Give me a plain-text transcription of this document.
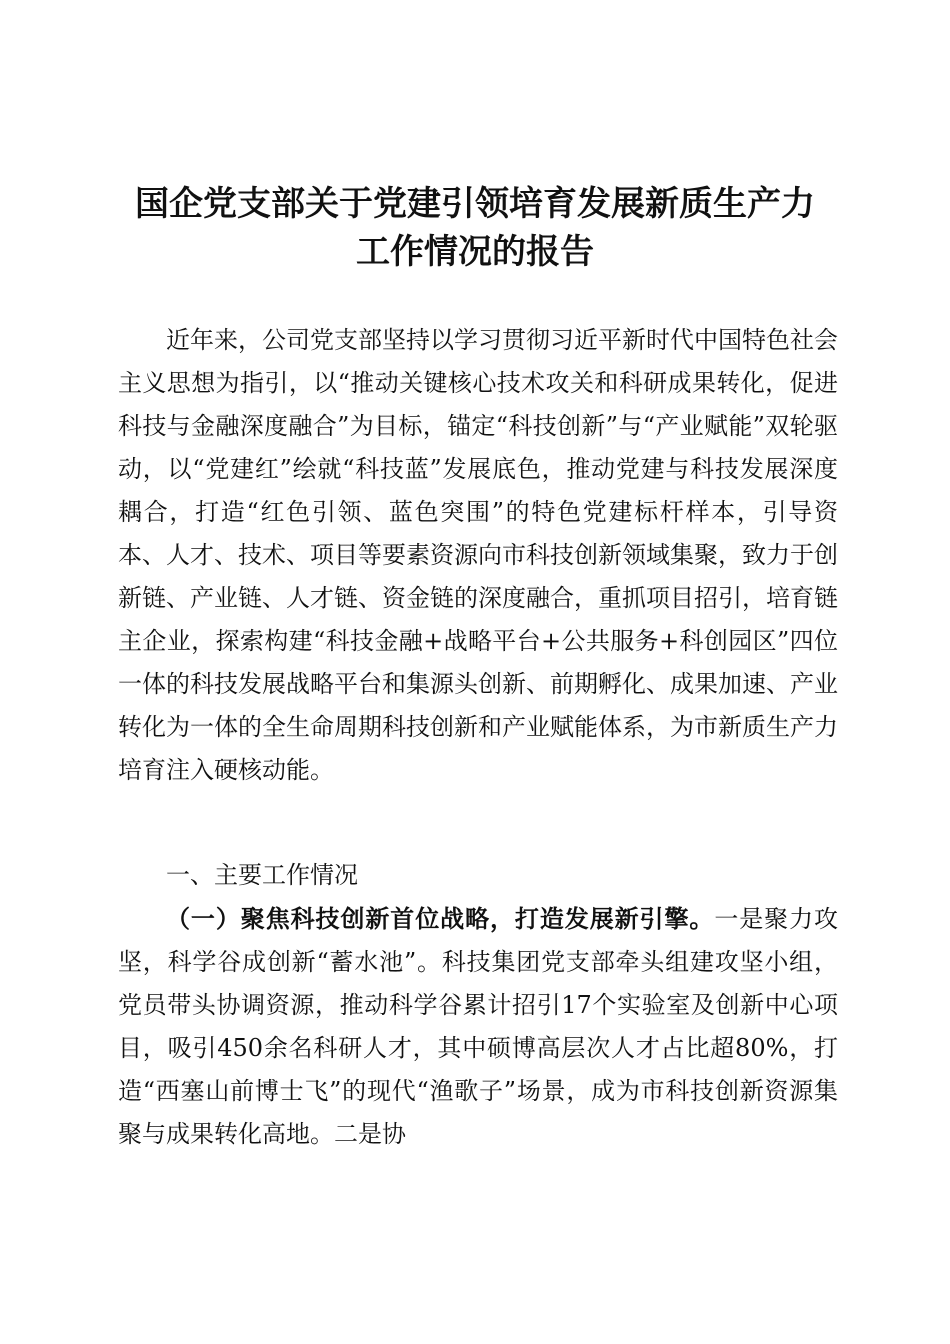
国企党支部关于党建引领培育发展新质生产力
工作情况的报告

近年来，公司党支部坚持以学习贯彻习近平新时代中国特色社会主义思想为指引，以“推动关键核心技术攻关和科研成果转化，促进科技与金融深度融合”为目标，锚定“科技创新”与“产业赋能”双轮驱动，以“党建红”绘就“科技蓝”发展底色，推动党建与科技发展深度耦合，打造“红色引领、蓝色突围”的特色党建标杆样本，引导资本、人才、技术、项目等要素资源向市科技创新领域集聚，致力于创新链、产业链、人才链、资金链的深度融合，重抓项目招引，培育链主企业，探索构建“科技金融+战略平台+公共服务+科创园区”四位一体的科技发展战略平台和集源头创新、前期孵化、成果加速、产业转化为一体的全生命周期科技创新和产业赋能体系，为市新质生产力培育注入硬核动能。

一、主要工作情况

（一）聚焦科技创新首位战略，打造发展新引擎。一是聚力攻坚，科学谷成创新“蓄水池”。科技集团党支部牵头组建攻坚小组，党员带头协调资源，推动科学谷累计招引17个实验室及创新中心项目，吸引450余名科研人才，其中硕博高层次人才占比超80%，打造“西塞山前博士飞”的现代“渔歌子”场景，成为市科技创新资源集聚与成果转化高地。二是协
